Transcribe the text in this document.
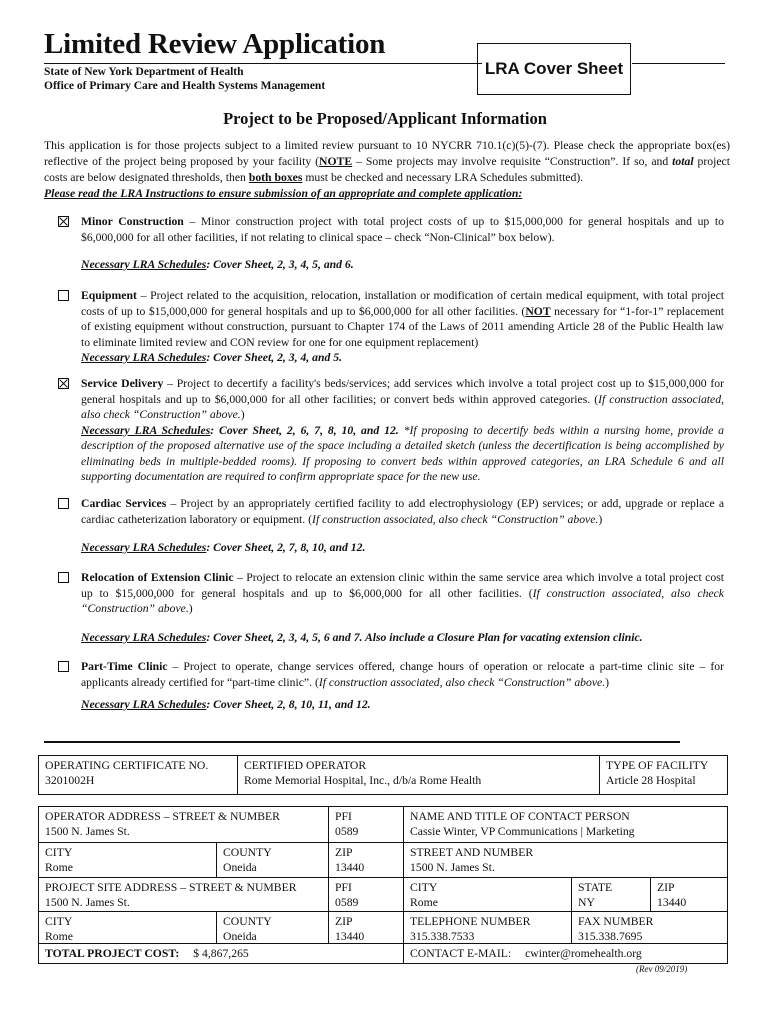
Limited Review Application
State of New York Department of Health
Office of Primary Care and Health Systems Management
LRA Cover Sheet
Project to be Proposed/Applicant Information
This application is for those projects subject to a limited review pursuant to 10 NYCRR 710.1(c)(5)-(7). Please check the appropriate box(es) reflective of the project being proposed by your facility (NOTE – Some projects may involve requisite “Construction”. If so, and total project costs are below designated thresholds, then both boxes must be checked and necessary LRA Schedules submitted).
Please read the LRA Instructions to ensure submission of an appropriate and complete application:
Minor Construction – Minor construction project with total project costs of up to $15,000,000 for general hospitals and up to $6,000,000 for all other facilities, if not relating to clinical space – check “Non-Clinical” box below).
Necessary LRA Schedules: Cover Sheet, 2, 3, 4, 5, and 6.
Equipment – Project related to the acquisition, relocation, installation or modification of certain medical equipment, with total project costs of up to $15,000,000 for general hospitals and up to $6,000,000 for all other facilities. (NOT necessary for “1-for-1” replacement of existing equipment without construction, pursuant to Chapter 174 of the Laws of 2011 amending Article 28 of the Public Health law to eliminate limited review and CON review for one for one equipment replacement)
Necessary LRA Schedules: Cover Sheet, 2, 3, 4, and 5.
Service Delivery – Project to decertify a facility's beds/services; add services which involve a total project cost up to $15,000,000 for general hospitals and up to $6,000,000 for all other facilities; or convert beds within approved categories. (If construction associated, also check “Construction” above.)
Necessary LRA Schedules: Cover Sheet, 2, 6, 7, 8, 10, and 12. *If proposing to decertify beds within a nursing home, provide a description of the proposed alternative use of the space including a detailed sketch (unless the decertification is being accomplished by eliminating beds in multiple-bedded rooms). If proposing to convert beds within approved categories, an LRA Schedule 6 and all supporting documentation are required to confirm appropriate space for the new use.
Cardiac Services – Project by an appropriately certified facility to add electrophysiology (EP) services; or add, upgrade or replace a cardiac catheterization laboratory or equipment. (If construction associated, also check “Construction” above.)
Necessary LRA Schedules: Cover Sheet, 2, 7, 8, 10, and 12.
Relocation of Extension Clinic – Project to relocate an extension clinic within the same service area which involve a total project cost up to $15,000,000 for general hospitals and up to $6,000,000 for all other facilities. (If construction associated, also check “Construction” above.)
Necessary LRA Schedules: Cover Sheet, 2, 3, 4, 5, 6 and 7. Also include a Closure Plan for vacating extension clinic.
Part-Time Clinic – Project to operate, change services offered, change hours of operation or relocate a part-time clinic site – for applicants already certified for “part-time clinic”. (If construction associated, also check “Construction” above.)
Necessary LRA Schedules: Cover Sheet, 2, 8, 10, 11, and 12.
OPERATING CERTIFICATE NO.
3201002H
CERTIFIED OPERATOR
Rome Memorial Hospital, Inc., d/b/a Rome Health
TYPE OF FACILITY
Article 28 Hospital
OPERATOR ADDRESS – STREET & NUMBER
1500 N. James St.
PFI
0589
NAME AND TITLE OF CONTACT PERSON
Cassie Winter, VP Communications | Marketing
CITY
Rome
COUNTY
Oneida
ZIP
13440
STREET AND NUMBER
1500 N. James St.
PROJECT SITE ADDRESS – STREET & NUMBER
1500 N. James St.
PFI
0589
CITY
Rome
STATE
NY
ZIP
13440
CITY
Rome
COUNTY
Oneida
ZIP
13440
TELEPHONE NUMBER
315.338.7533
FAX NUMBER
315.338.7695
TOTAL PROJECT COST: $ 4,867,265	CONTACT E-MAIL: cwinter@romehealth.org
(Rev 09/2019)
